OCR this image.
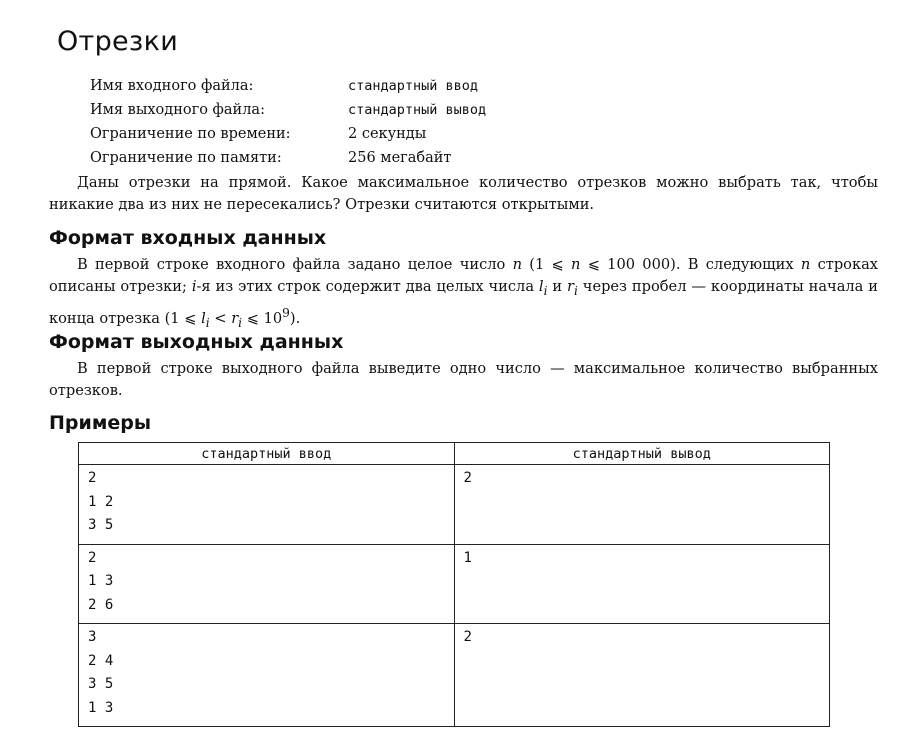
Отрезки
Имя входного файла:	стандартный ввод
Имя выходного файла:	стандартный вывод
Ограничение по времени:	2 секунды
Ограничение по памяти:	256 мегабайт
Даны отрезки на прямой. Какое максимальное количество отрезков можно выбрать так, чтобы никакие два из них не пересекались? Отрезки считаются открытыми.
Формат входных данных
В первой строке входного файла задано целое число n (1 ⩽ n ⩽ 100 000). В следующих n строках описаны отрезки; i-я из этих строк содержит два целых числа $l_i$ и $r_i$ через пробел — координаты начала и конца отрезка (1 ⩽ $l_i < r_i$ ⩽ $10^9$).
Формат выходных данных
В первой строке выходного файла выведите одно число — максимальное количество выбранных отрезков.
Примеры
стандартный ввод	стандартный вывод

2
1 2
3 5	2

2
1 3
2 6	1

3
2 4
3 5
1 3	2
